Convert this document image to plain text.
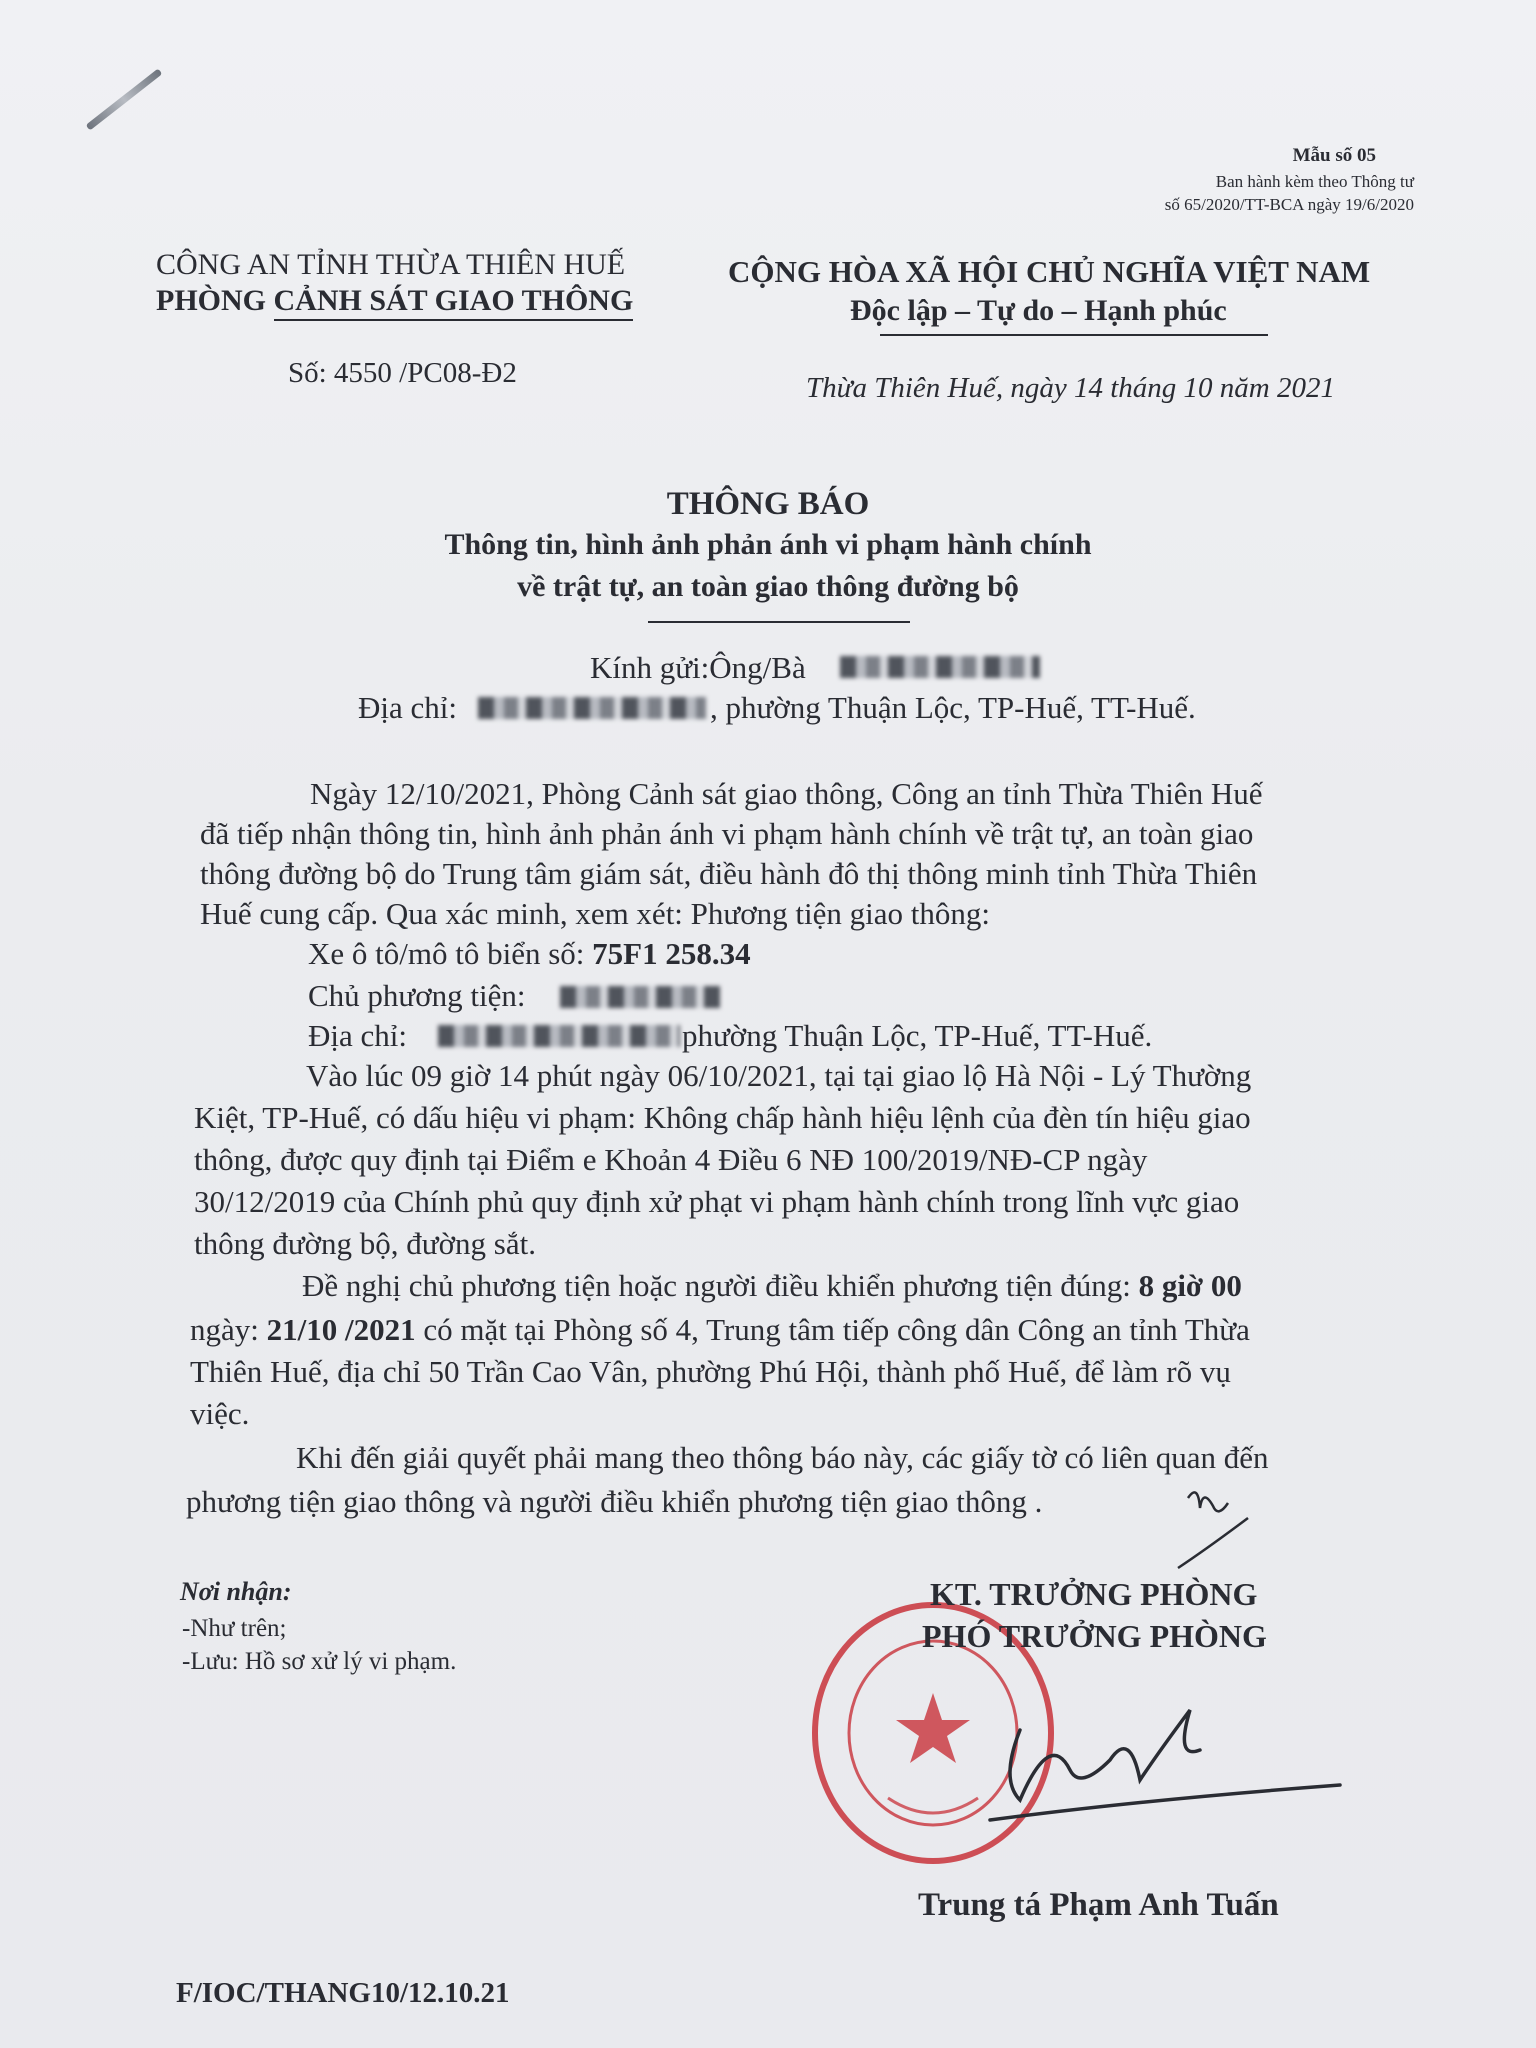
Mẫu số 05
Ban hành kèm theo Thông tư
số 65/2020/TT-BCA ngày 19/6/2020
CÔNG AN TỈNH THỪA THIÊN HUẾ
PHÒNG CẢNH SÁT GIAO THÔNG
CỘNG HÒA XÃ HỘI CHỦ NGHĨA VIỆT NAM
Độc lập – Tự do – Hạnh phúc
Số: 4550 /PC08-Đ2	Thừa Thiên Huế, ngày 14 tháng 10 năm 2021
THÔNG BÁO
Thông tin, hình ảnh phản ánh vi phạm hành chính
về trật tự, an toàn giao thông đường bộ
Kính gửi:Ông/Bà
Địa chỉ:	, phường Thuận Lộc, TP-Huế, TT-Huế.
Ngày 12/10/2021, Phòng Cảnh sát giao thông, Công an tỉnh Thừa Thiên Huế
đã tiếp nhận thông tin, hình ảnh phản ánh vi phạm hành chính về trật tự, an toàn giao
thông đường bộ do Trung tâm giám sát, điều hành đô thị thông minh tỉnh Thừa Thiên
Huế cung cấp. Qua xác minh, xem xét: Phương tiện giao thông:
Xe ô tô/mô tô biển số: 75F1 258.34
Chủ phương tiện:
Địa chỉ:	phường Thuận Lộc, TP-Huế, TT-Huế.
Vào lúc 09 giờ 14 phút ngày 06/10/2021, tại tại giao lộ Hà Nội - Lý Thường
Kiệt, TP-Huế, có dấu hiệu vi phạm: Không chấp hành hiệu lệnh của đèn tín hiệu giao
thông, được quy định tại Điểm e Khoản 4 Điều 6 NĐ 100/2019/NĐ-CP ngày
30/12/2019 của Chính phủ quy định xử phạt vi phạm hành chính trong lĩnh vực giao
thông đường bộ, đường sắt.
Đề nghị chủ phương tiện hoặc người điều khiển phương tiện đúng: 8 giờ 00
ngày: 21/10 /2021 có mặt tại Phòng số 4, Trung tâm tiếp công dân Công an tỉnh Thừa
Thiên Huế, địa chỉ 50 Trần Cao Vân, phường Phú Hội, thành phố Huế, để làm rõ vụ
việc.
Khi đến giải quyết phải mang theo thông báo này, các giấy tờ có liên quan đến
phương tiện giao thông và người điều khiển phương tiện giao thông .
Nơi nhận:
-Như trên;
-Lưu: Hồ sơ xử lý vi phạm.
KT. TRƯỞNG PHÒNG
PHÓ TRƯỞNG PHÒNG
Trung tá Phạm Anh Tuấn
F/IOC/THANG10/12.10.21
